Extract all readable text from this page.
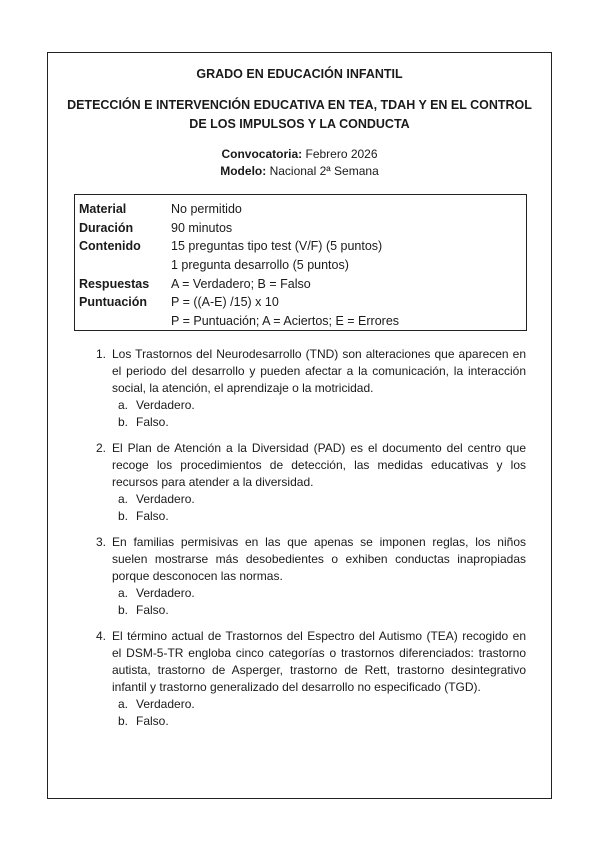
GRADO EN EDUCACIÓN INFANTIL
DETECCIÓN E INTERVENCIÓN EDUCATIVA EN TEA, TDAH Y EN EL CONTROL DE LOS IMPULSOS Y LA CONDUCTA
Convocatoria: Febrero 2026
Modelo: Nacional 2ª Semana
Material	No permitido
Duración	90 minutos
Contenido	15 preguntas tipo test (V/F) (5 puntos)
1 pregunta desarrollo (5 puntos)
Respuestas	A = Verdadero; B = Falso
Puntuación	P = ((A-E) /15) x 10
P = Puntuación; A = Aciertos; E = Errores
1. Los Trastornos del Neurodesarrollo (TND) son alteraciones que aparecen en el periodo del desarrollo y pueden afectar a la comunicación, la interacción social, la atención, el aprendizaje o la motricidad.
a. Verdadero.
b. Falso.
2. El Plan de Atención a la Diversidad (PAD) es el documento del centro que recoge los procedimientos de detección, las medidas educativas y los recursos para atender a la diversidad.
a. Verdadero.
b. Falso.
3. En familias permisivas en las que apenas se imponen reglas, los niños suelen mostrarse más desobedientes o exhiben conductas inapropiadas porque desconocen las normas.
a. Verdadero.
b. Falso.
4. El término actual de Trastornos del Espectro del Autismo (TEA) recogido en el DSM-5-TR engloba cinco categorías o trastornos diferenciados: trastorno autista, trastorno de Asperger, trastorno de Rett, trastorno desintegrativo infantil y trastorno generalizado del desarrollo no especificado (TGD).
a. Verdadero.
b. Falso.
